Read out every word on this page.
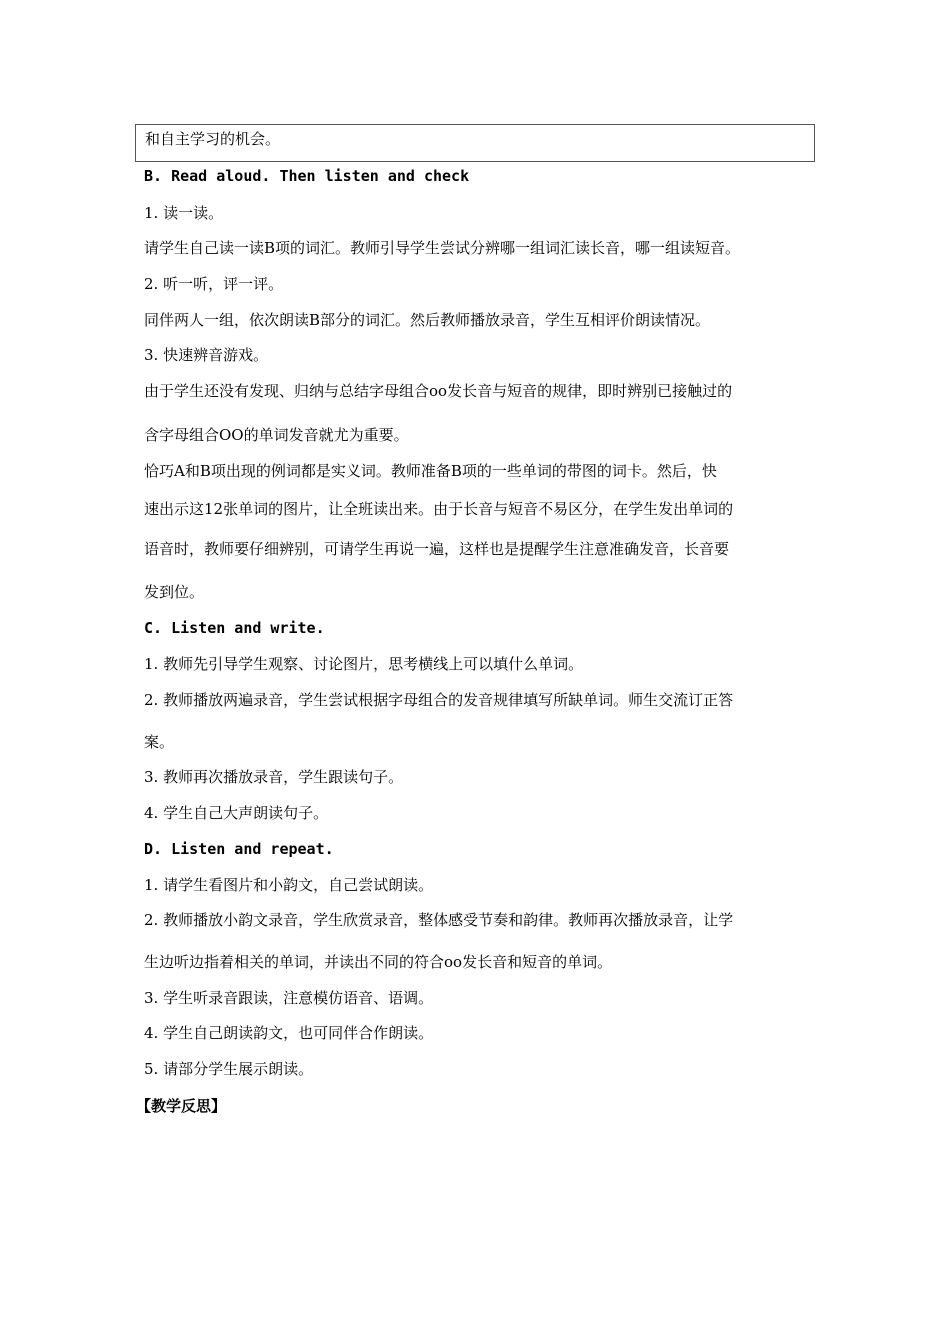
和自主学习的机会。
B. Read aloud. Then listen and check
1. 读一读。
请学生自己读一读B项的词汇。教师引导学生尝试分辨哪一组词汇读长音，哪一组读短音。
2. 听一听，评一评。
同伴两人一组，依次朗读B部分的词汇。然后教师播放录音，学生互相评价朗读情况。
3. 快速辨音游戏。
由于学生还没有发现、归纳与总结字母组合oo发长音与短音的规律，即时辨别已接触过的
含字母组合OO的单词发音就尤为重要。
恰巧A和B项出现的例词都是实义词。教师准备B项的一些单词的带图的词卡。然后，快
速出示这12张单词的图片，让全班读出来。由于长音与短音不易区分，在学生发出单词的
语音时，教师要仔细辨别，可请学生再说一遍，这样也是提醒学生注意准确发音，长音要
发到位。
C. Listen and write.
1. 教师先引导学生观察、讨论图片，思考横线上可以填什么单词。
2. 教师播放两遍录音，学生尝试根据字母组合的发音规律填写所缺单词。师生交流订正答
案。
3. 教师再次播放录音，学生跟读句子。
4. 学生自己大声朗读句子。
D. Listen and repeat.
1. 请学生看图片和小韵文，自己尝试朗读。
2. 教师播放小韵文录音，学生欣赏录音，整体感受节奏和韵律。教师再次播放录音，让学
生边听边指着相关的单词，并读出不同的符合oo发长音和短音的单词。
3. 学生听录音跟读，注意模仿语音、语调。
4. 学生自己朗读韵文，也可同伴合作朗读。
5. 请部分学生展示朗读。
【教学反思】
